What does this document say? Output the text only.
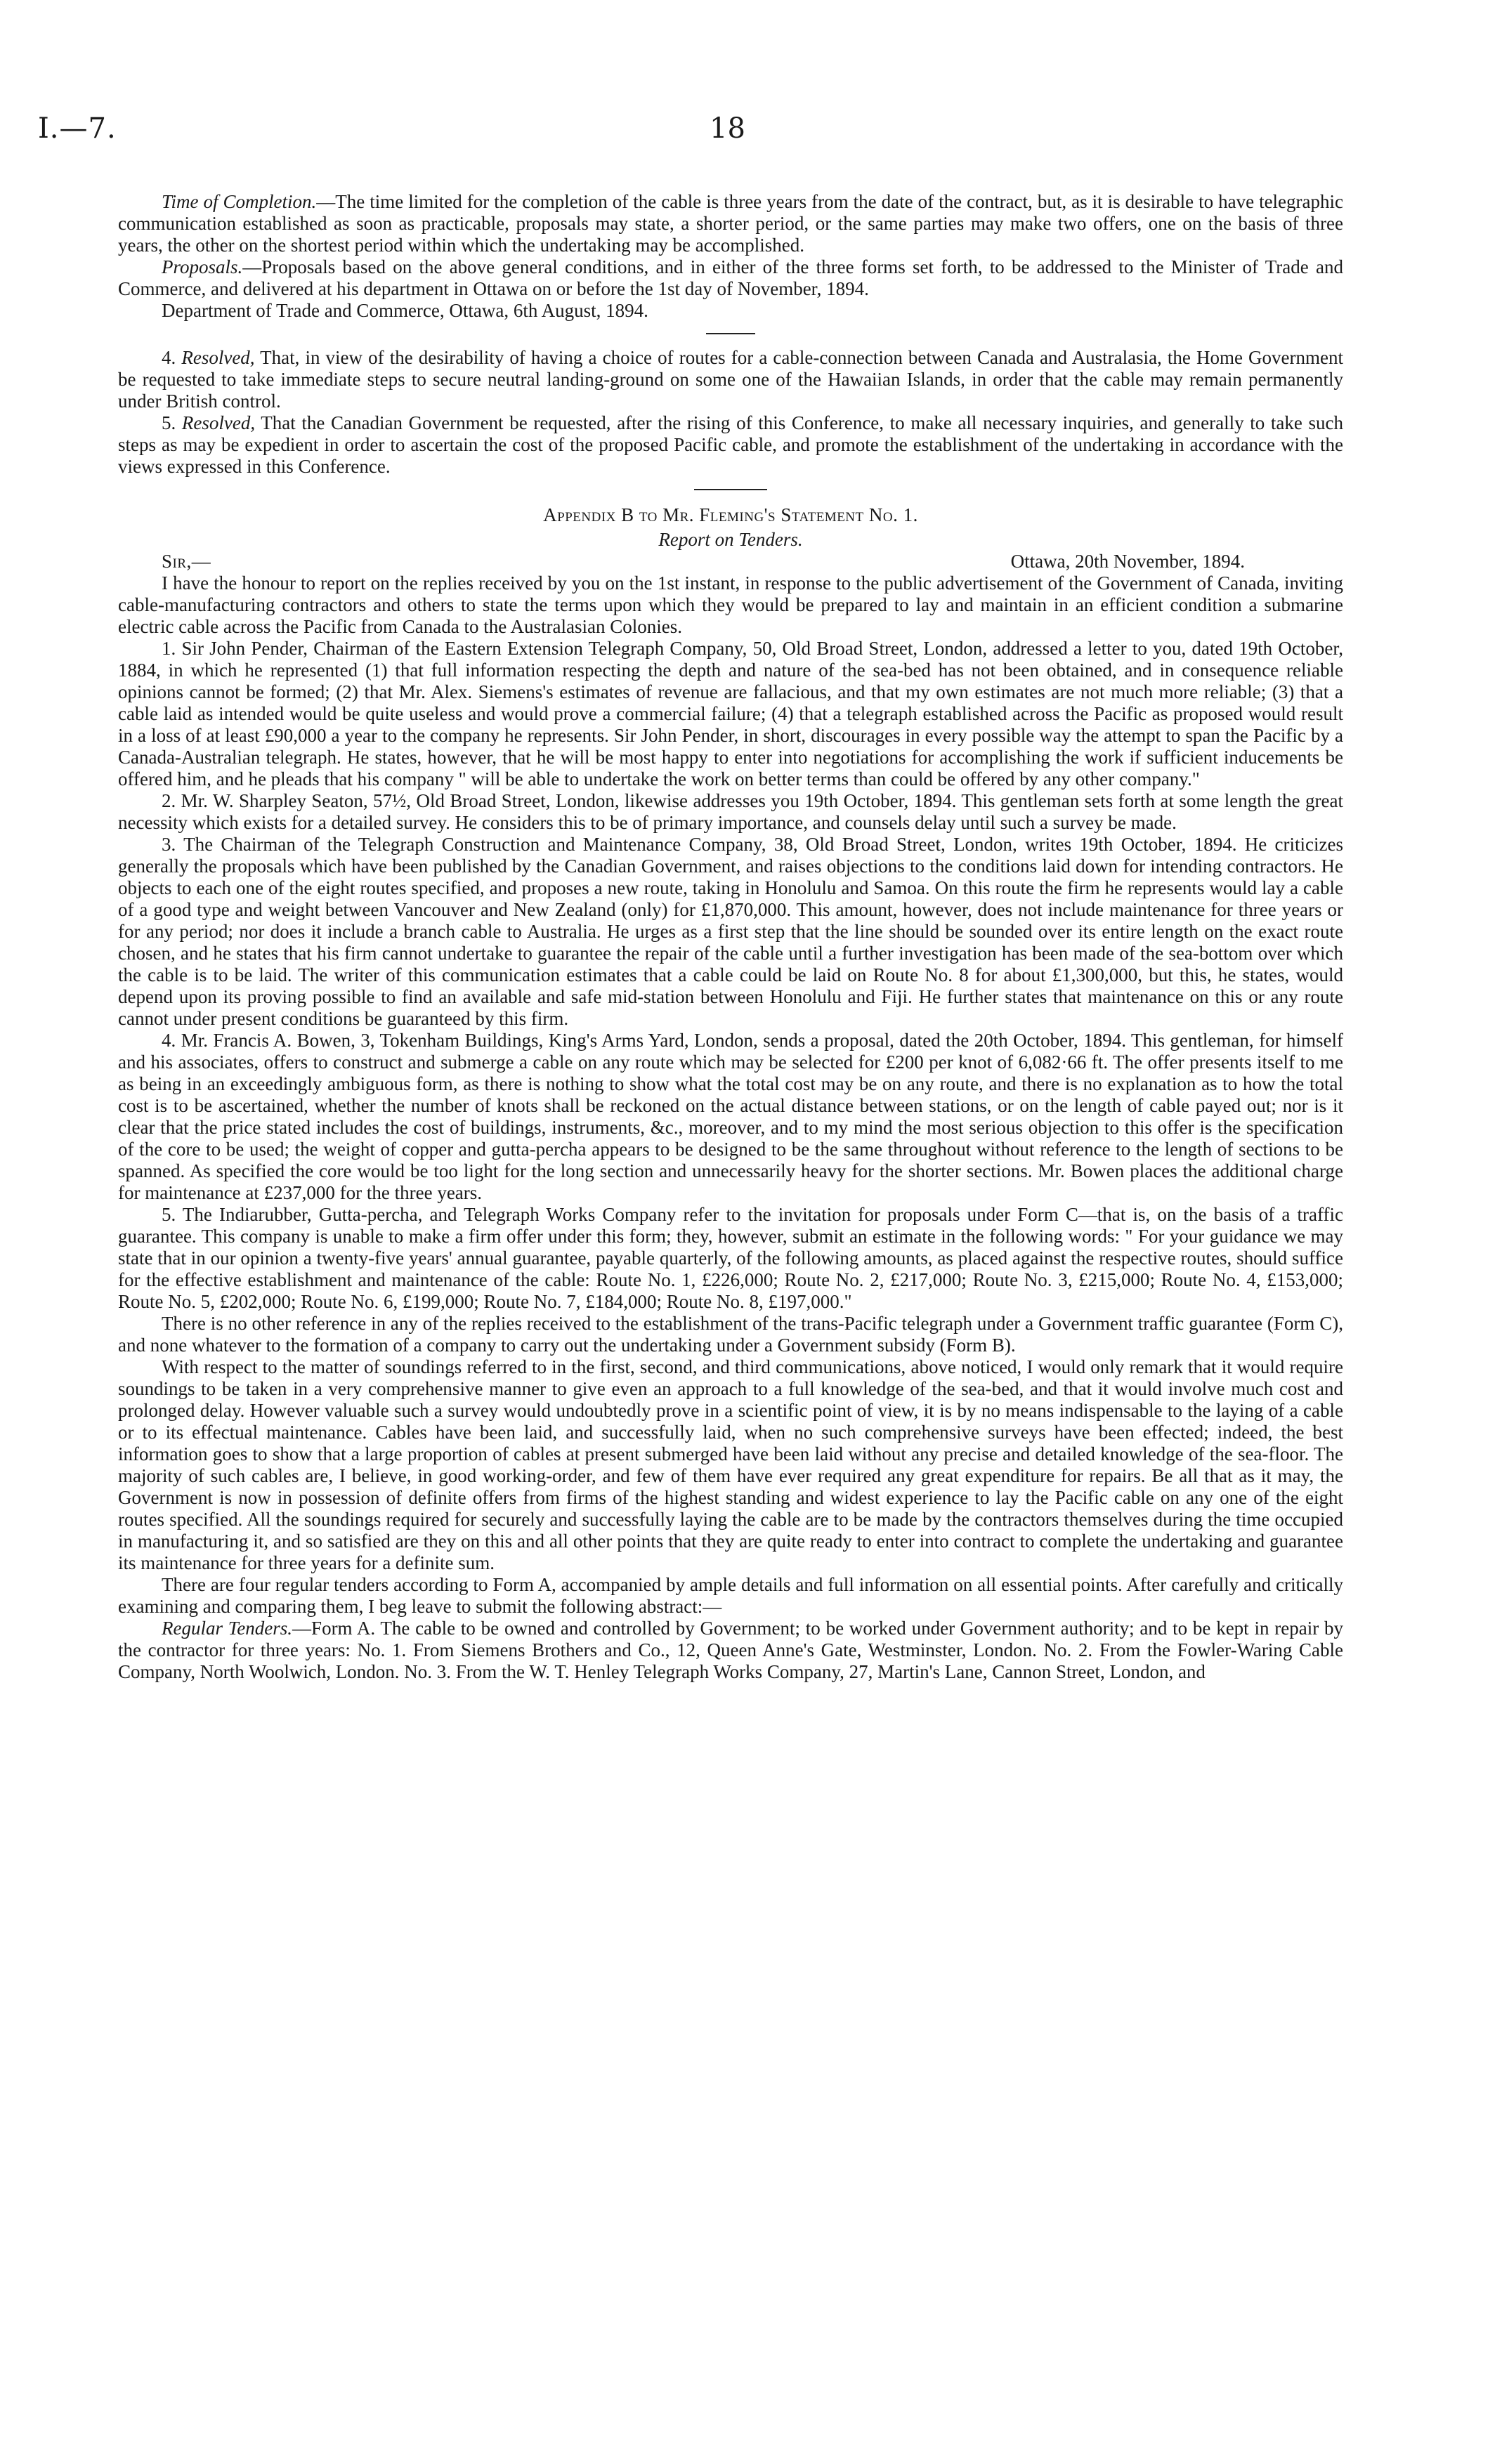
I.—7.	18

Time of Completion.—The time limited for the completion of the cable is three years from the date of the contract, but, as it is desirable to have telegraphic communication established as soon as practicable, proposals may state, a shorter period, or the same parties may make two offers, one on the basis of three years, the other on the shortest period within which the undertaking may be accomplished.

Proposals.—Proposals based on the above general conditions, and in either of the three forms set forth, to be addressed to the Minister of Trade and Commerce, and delivered at his department in Ottawa on or before the 1st day of November, 1894.

Department of Trade and Commerce, Ottawa, 6th August, 1894.

4. Resolved, That, in view of the desirability of having a choice of routes for a cable-connection between Canada and Australasia, the Home Government be requested to take immediate steps to secure neutral landing-ground on some one of the Hawaiian Islands, in order that the cable may remain permanently under British control.

5. Resolved, That the Canadian Government be requested, after the rising of this Conference, to make all necessary inquiries, and generally to take such steps as may be expedient in order to ascertain the cost of the proposed Pacific cable, and promote the establishment of the undertaking in accordance with the views expressed in this Conference.

Appendix B to Mr. Fleming's Statement No. 1.

Report on Tenders.

Sir,—	Ottawa, 20th November, 1894.

I have the honour to report on the replies received by you on the 1st instant, in response to the public advertisement of the Government of Canada, inviting cable-manufacturing contractors and others to state the terms upon which they would be prepared to lay and maintain in an efficient condition a submarine electric cable across the Pacific from Canada to the Australasian Colonies.

1. Sir John Pender, Chairman of the Eastern Extension Telegraph Company, 50, Old Broad Street, London, addressed a letter to you, dated 19th October, 1884, in which he represented (1) that full information respecting the depth and nature of the sea-bed has not been obtained, and in consequence reliable opinions cannot be formed; (2) that Mr. Alex. Siemens's estimates of revenue are fallacious, and that my own estimates are not much more reliable; (3) that a cable laid as intended would be quite useless and would prove a commercial failure; (4) that a telegraph established across the Pacific as proposed would result in a loss of at least £90,000 a year to the company he represents. Sir John Pender, in short, discourages in every possible way the attempt to span the Pacific by a Canada-Australian telegraph. He states, however, that he will be most happy to enter into negotiations for accomplishing the work if sufficient inducements be offered him, and he pleads that his company " will be able to undertake the work on better terms than could be offered by any other company."

2. Mr. W. Sharpley Seaton, 57½, Old Broad Street, London, likewise addresses you 19th October, 1894. This gentleman sets forth at some length the great necessity which exists for a detailed survey. He considers this to be of primary importance, and counsels delay until such a survey be made.

3. The Chairman of the Telegraph Construction and Maintenance Company, 38, Old Broad Street, London, writes 19th October, 1894. He criticizes generally the proposals which have been published by the Canadian Government, and raises objections to the conditions laid down for intending contractors. He objects to each one of the eight routes specified, and proposes a new route, taking in Honolulu and Samoa. On this route the firm he represents would lay a cable of a good type and weight between Vancouver and New Zealand (only) for £1,870,000. This amount, however, does not include maintenance for three years or for any period; nor does it include a branch cable to Australia. He urges as a first step that the line should be sounded over its entire length on the exact route chosen, and he states that his firm cannot undertake to guarantee the repair of the cable until a further investigation has been made of the sea-bottom over which the cable is to be laid. The writer of this communication estimates that a cable could be laid on Route No. 8 for about £1,300,000, but this, he states, would depend upon its proving possible to find an available and safe mid-station between Honolulu and Fiji. He further states that maintenance on this or any route cannot under present conditions be guaranteed by this firm.

4. Mr. Francis A. Bowen, 3, Tokenham Buildings, King's Arms Yard, London, sends a proposal, dated the 20th October, 1894. This gentleman, for himself and his associates, offers to construct and submerge a cable on any route which may be selected for £200 per knot of 6,082·66 ft. The offer presents itself to me as being in an exceedingly ambiguous form, as there is nothing to show what the total cost may be on any route, and there is no explanation as to how the total cost is to be ascertained, whether the number of knots shall be reckoned on the actual distance between stations, or on the length of cable payed out; nor is it clear that the price stated includes the cost of buildings, instruments, &c., moreover, and to my mind the most serious objection to this offer is the specification of the core to be used; the weight of copper and gutta-percha appears to be designed to be the same throughout without reference to the length of sections to be spanned. As specified the core would be too light for the long section and unnecessarily heavy for the shorter sections. Mr. Bowen places the additional charge for maintenance at £237,000 for the three years.

5. The Indiarubber, Gutta-percha, and Telegraph Works Company refer to the invitation for proposals under Form C—that is, on the basis of a traffic guarantee. This company is unable to make a firm offer under this form; they, however, submit an estimate in the following words: " For your guidance we may state that in our opinion a twenty-five years' annual guarantee, payable quarterly, of the following amounts, as placed against the respective routes, should suffice for the effective establishment and maintenance of the cable: Route No. 1, £226,000; Route No. 2, £217,000; Route No. 3, £215,000; Route No. 4, £153,000; Route No. 5, £202,000; Route No. 6, £199,000; Route No. 7, £184,000; Route No. 8, £197,000."

There is no other reference in any of the replies received to the establishment of the trans-Pacific telegraph under a Government traffic guarantee (Form C), and none whatever to the formation of a company to carry out the undertaking under a Government subsidy (Form B).

With respect to the matter of soundings referred to in the first, second, and third communications, above noticed, I would only remark that it would require soundings to be taken in a very comprehensive manner to give even an approach to a full knowledge of the sea-bed, and that it would involve much cost and prolonged delay. However valuable such a survey would undoubtedly prove in a scientific point of view, it is by no means indispensable to the laying of a cable or to its effectual maintenance. Cables have been laid, and successfully laid, when no such comprehensive surveys have been effected; indeed, the best information goes to show that a large proportion of cables at present submerged have been laid without any precise and detailed knowledge of the sea-floor. The majority of such cables are, I believe, in good working-order, and few of them have ever required any great expenditure for repairs. Be all that as it may, the Government is now in possession of definite offers from firms of the highest standing and widest experience to lay the Pacific cable on any one of the eight routes specified. All the soundings required for securely and successfully laying the cable are to be made by the contractors themselves during the time occupied in manufacturing it, and so satisfied are they on this and all other points that they are quite ready to enter into contract to complete the undertaking and guarantee its maintenance for three years for a definite sum.

There are four regular tenders according to Form A, accompanied by ample details and full information on all essential points. After carefully and critically examining and comparing them, I beg leave to submit the following abstract:—

Regular Tenders.—Form A. The cable to be owned and controlled by Government; to be worked under Government authority; and to be kept in repair by the contractor for three years: No. 1. From Siemens Brothers and Co., 12, Queen Anne's Gate, Westminster, London. No. 2. From the Fowler-Waring Cable Company, North Woolwich, London. No. 3. From the W. T. Henley Telegraph Works Company, 27, Martin's Lane, Cannon Street, London, and
